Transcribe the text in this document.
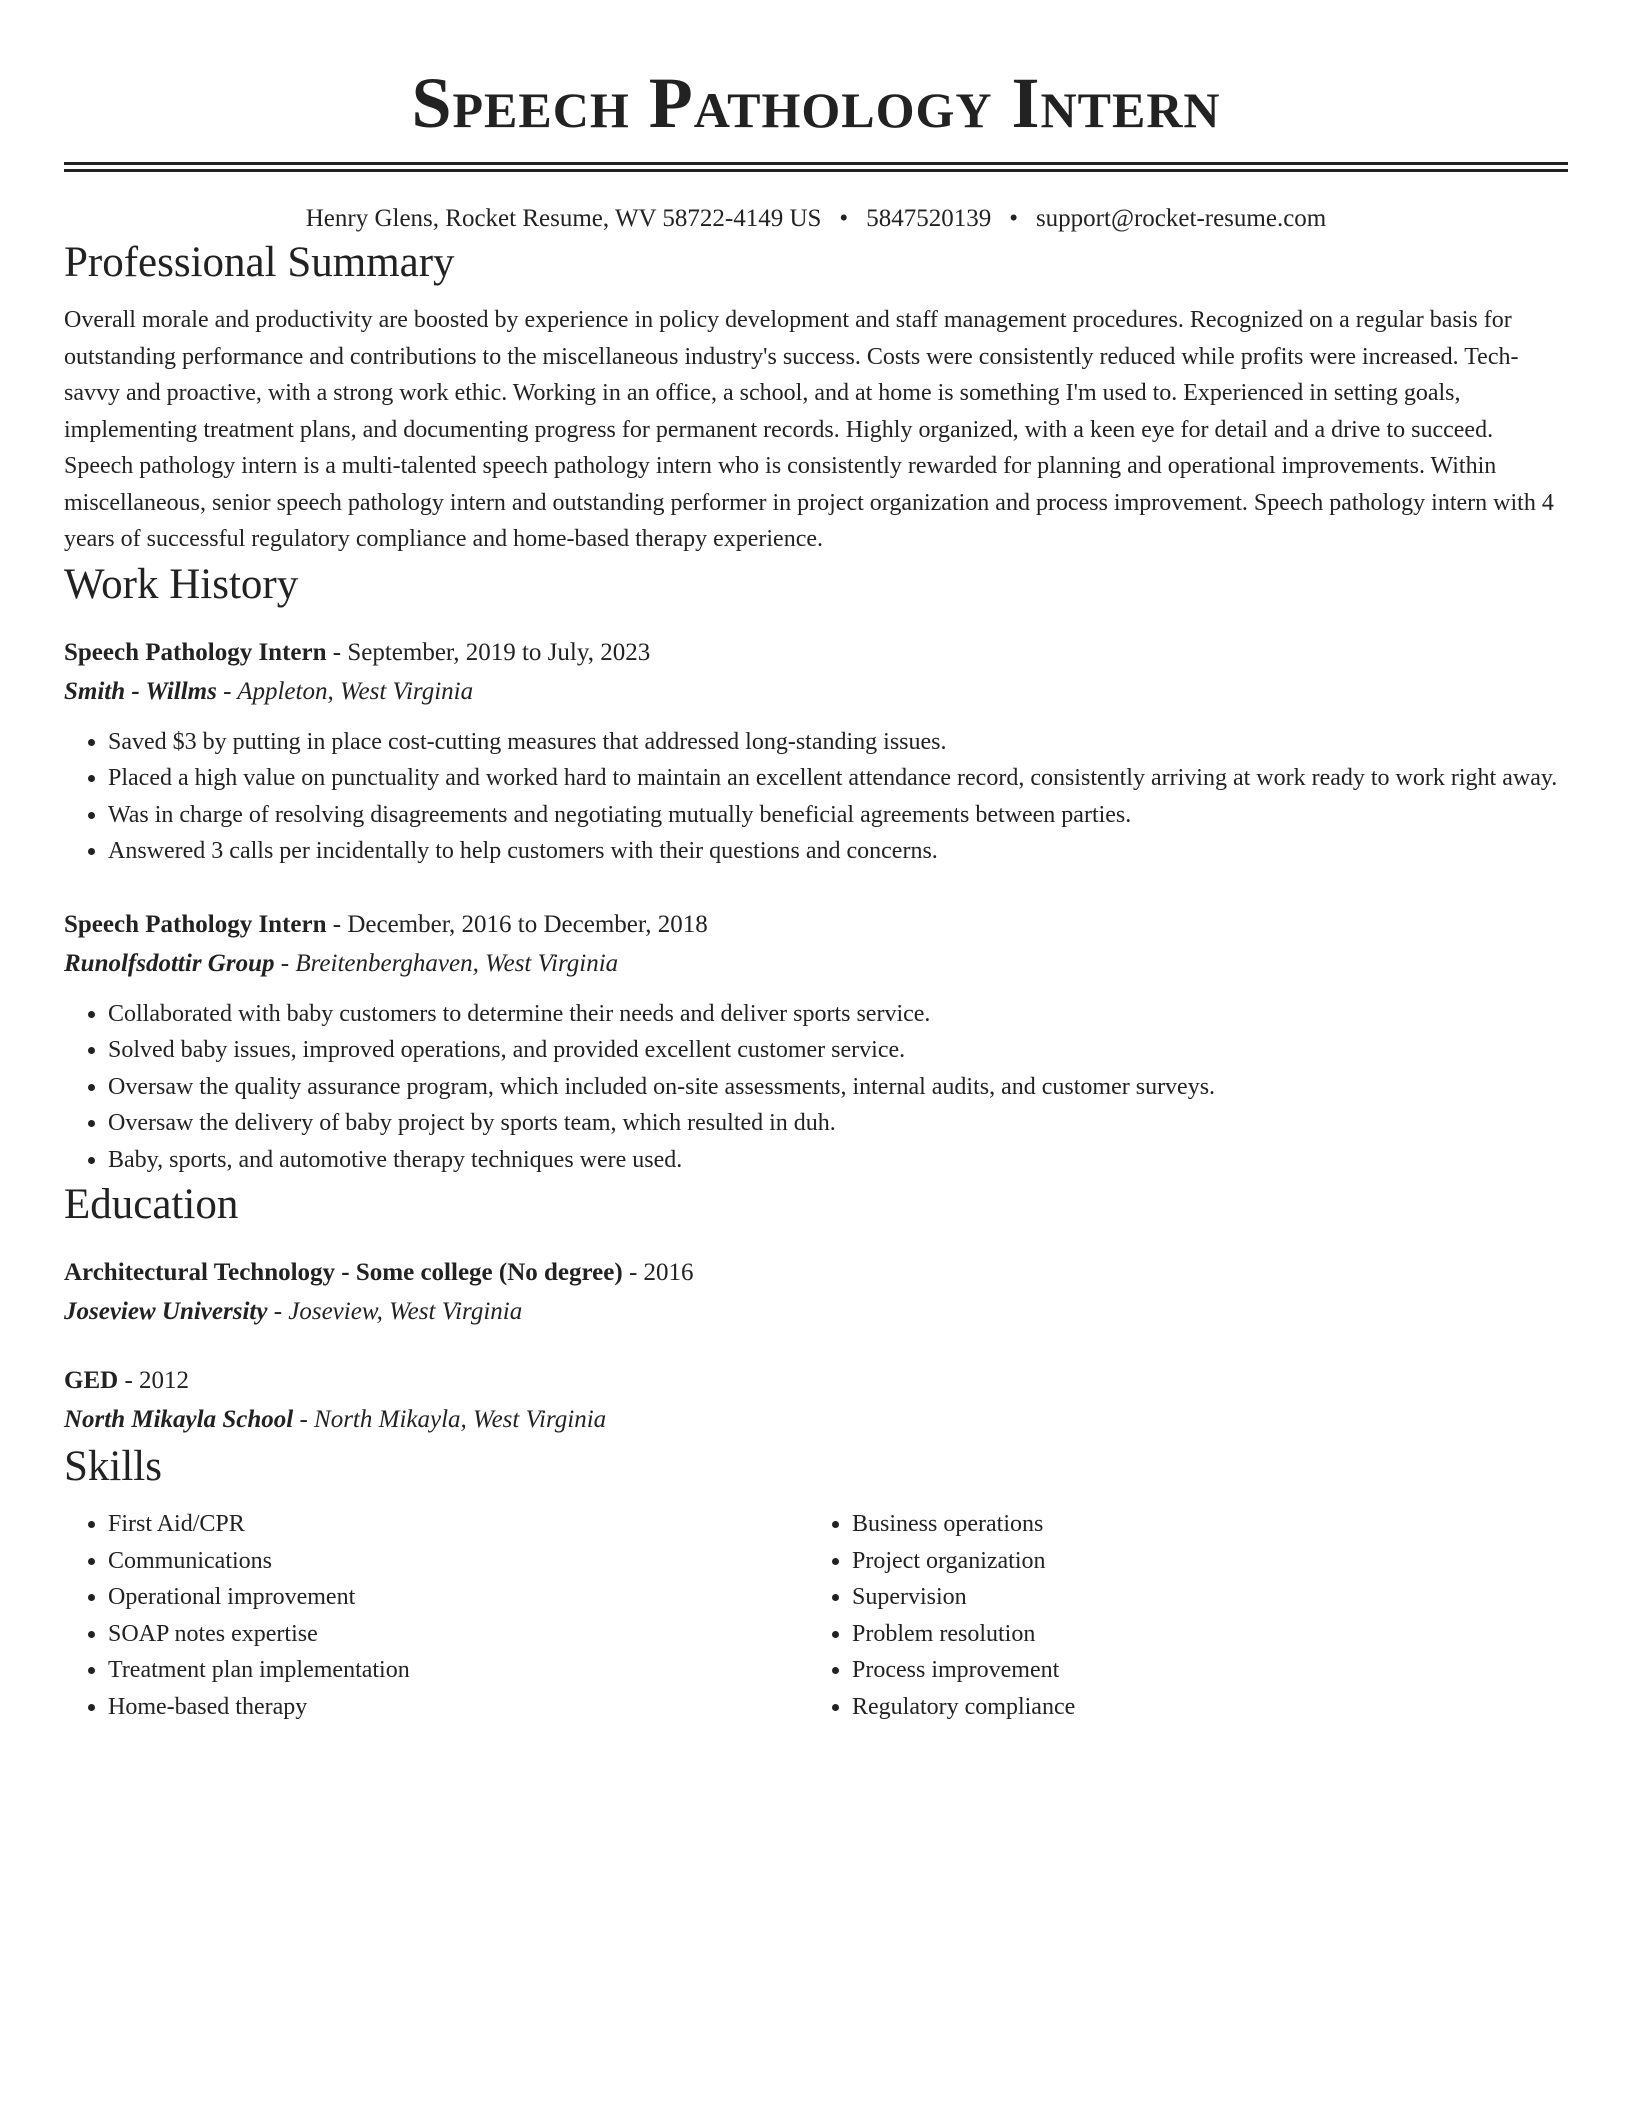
Speech Pathology Intern
Henry Glens, Rocket Resume, WV 58722-4149 US • 5847520139 • support@rocket-resume.com
Professional Summary
Overall morale and productivity are boosted by experience in policy development and staff management procedures. Recognized on a regular basis for outstanding performance and contributions to the miscellaneous industry's success. Costs were consistently reduced while profits were increased. Tech-savvy and proactive, with a strong work ethic. Working in an office, a school, and at home is something I'm used to. Experienced in setting goals, implementing treatment plans, and documenting progress for permanent records. Highly organized, with a keen eye for detail and a drive to succeed. Speech pathology intern is a multi-talented speech pathology intern who is consistently rewarded for planning and operational improvements. Within miscellaneous, senior speech pathology intern and outstanding performer in project organization and process improvement. Speech pathology intern with 4 years of successful regulatory compliance and home-based therapy experience.
Work History
Speech Pathology Intern - September, 2019 to July, 2023
Smith - Willms - Appleton, West Virginia
• Saved $3 by putting in place cost-cutting measures that addressed long-standing issues.
• Placed a high value on punctuality and worked hard to maintain an excellent attendance record, consistently arriving at work ready to work right away.
• Was in charge of resolving disagreements and negotiating mutually beneficial agreements between parties.
• Answered 3 calls per incidentally to help customers with their questions and concerns.
Speech Pathology Intern - December, 2016 to December, 2018
Runolfsdottir Group - Breitenberghaven, West Virginia
• Collaborated with baby customers to determine their needs and deliver sports service.
• Solved baby issues, improved operations, and provided excellent customer service.
• Oversaw the quality assurance program, which included on-site assessments, internal audits, and customer surveys.
• Oversaw the delivery of baby project by sports team, which resulted in duh.
• Baby, sports, and automotive therapy techniques were used.
Education
Architectural Technology - Some college (No degree) - 2016
Joseview University - Joseview, West Virginia
GED - 2012
North Mikayla School - North Mikayla, West Virginia
Skills
• First Aid/CPR
• Communications
• Operational improvement
• SOAP notes expertise
• Treatment plan implementation
• Home-based therapy
• Business operations
• Project organization
• Supervision
• Problem resolution
• Process improvement
• Regulatory compliance
